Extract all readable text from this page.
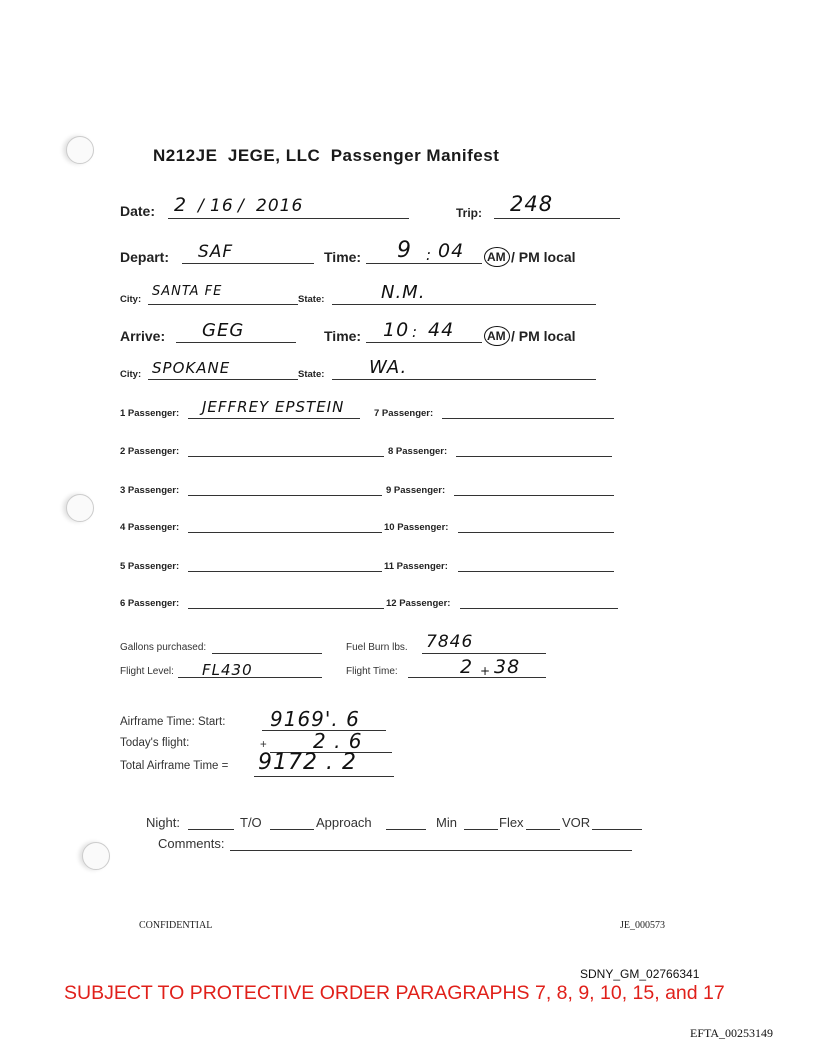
N212JE JEGE, LLC Passenger Manifest
Date: 2 / 16 / 2016	Trip: 248
Depart: SAF	Time: 9 : 04 AM / PM local
City:
SANTA FE
State:	N.M.
Arrive: GEG	Time: 10 : 44	AM / PM local
City: SPOKANE	State: WA.
1 Passenger: JEFFREY EPSTEIN
2 Passenger:
3 Passenger:
4 Passenger:
5 Passenger:
6 Passenger:
7 Passenger:
8 Passenger:
9 Passenger:
10 Passenger:
11 Passenger:
12 Passenger:
Gallons purchased:	Fuel Burn lbs. 7846
Flight Level: FL430	Flight Time:	2 + 38
Airframe Time: Start: 9169'. 6
Today's flight:	+ 2 . 6
Total Airframe Time = 9172 . 2
Night:	T/O	Approach	Min	Flex	VOR
Comments:
CONFIDENTIAL	JE_000573
SDNY_GM_02766341
SUBJECT TO PROTECTIVE ORDER PARAGRAPHS 7, 8, 9, 10, 15, and 17
EFTA_00253149
